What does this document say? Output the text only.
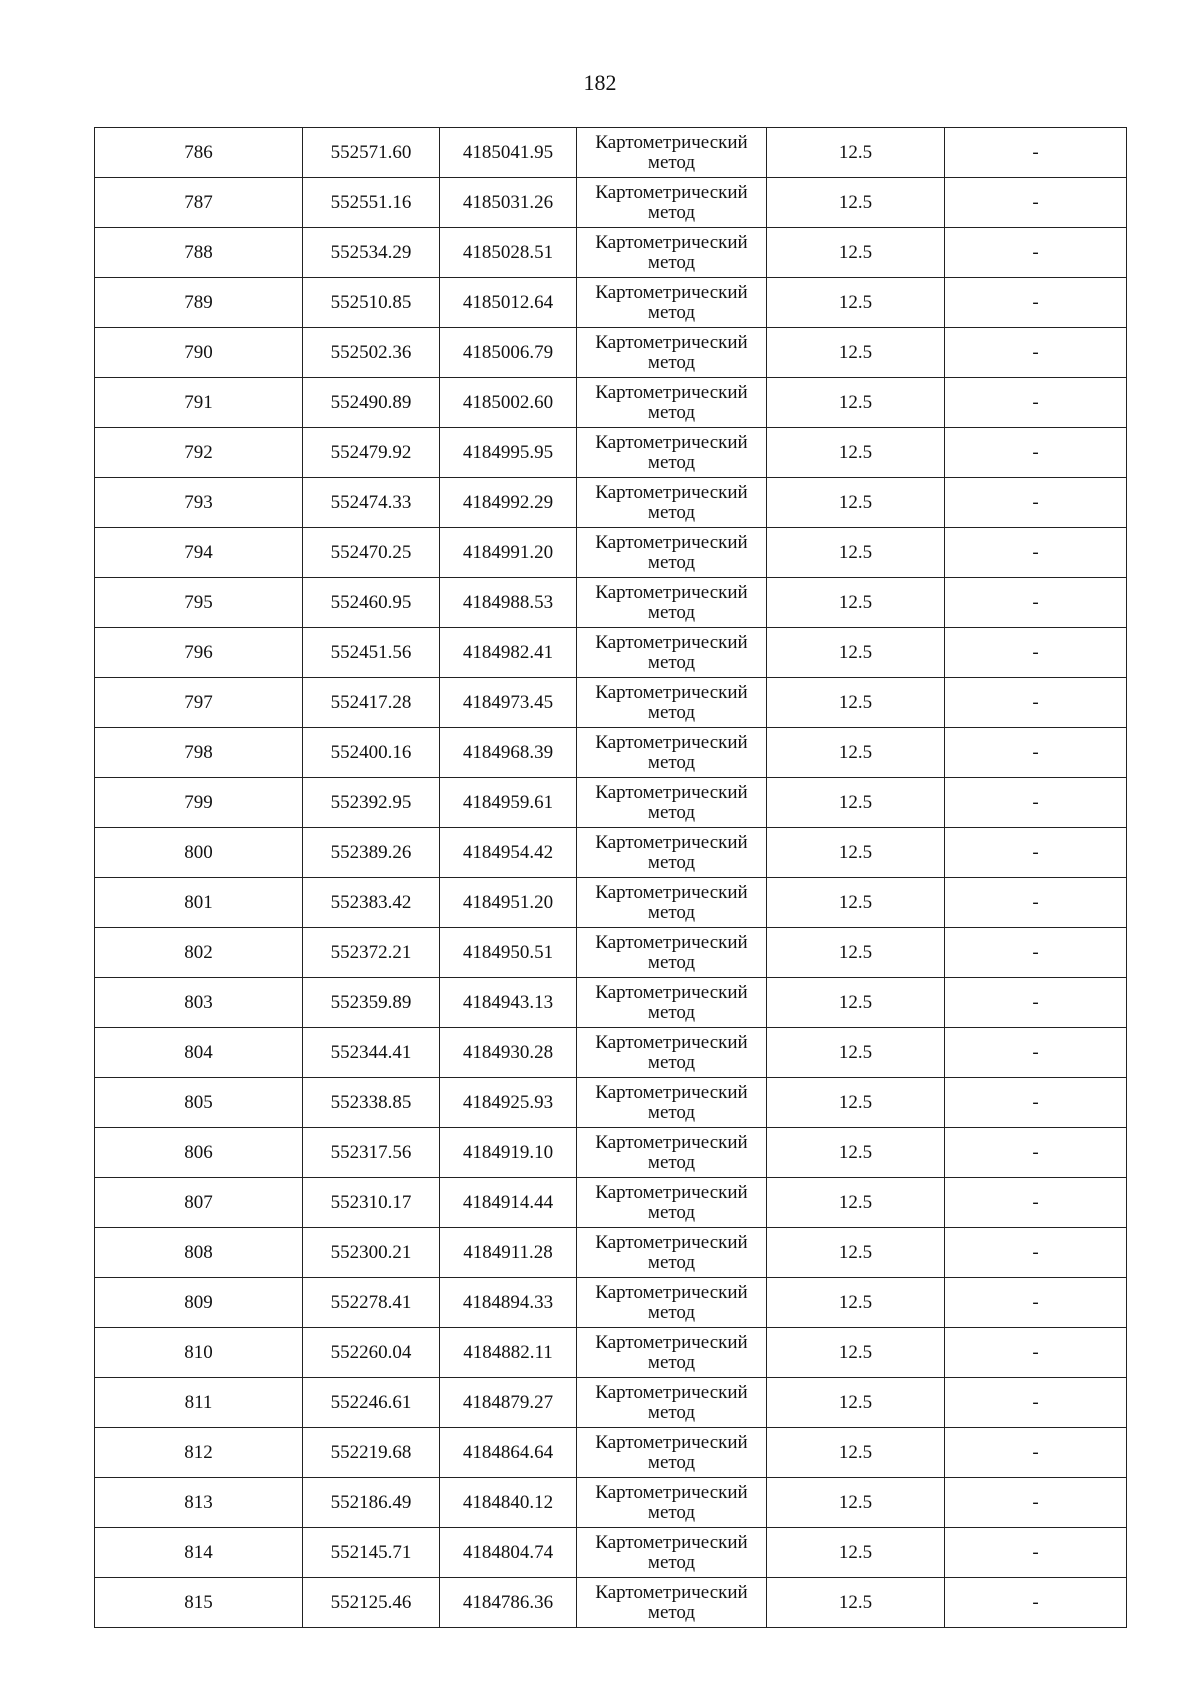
182
786	552571.60	4185041.95	Картометрический
метод	12.5	-
787	552551.16	4185031.26	Картометрический
метод	12.5	-
788	552534.29	4185028.51	Картометрический
метод	12.5	-
789	552510.85	4185012.64	Картометрический
метод	12.5	-
790	552502.36	4185006.79	Картометрический
метод	12.5	-
791	552490.89	4185002.60	Картометрический
метод	12.5	-
792	552479.92	4184995.95	Картометрический
метод	12.5	-
793	552474.33	4184992.29	Картометрический
метод	12.5	-
794	552470.25	4184991.20	Картометрический
метод	12.5	-
795	552460.95	4184988.53	Картометрический
метод	12.5	-
796	552451.56	4184982.41	Картометрический
метод	12.5	-
797	552417.28	4184973.45	Картометрический
метод	12.5	-
798	552400.16	4184968.39	Картометрический
метод	12.5	-
799	552392.95	4184959.61	Картометрический
метод	12.5	-
800	552389.26	4184954.42	Картометрический
метод	12.5	-
801	552383.42	4184951.20	Картометрический
метод	12.5	-
802	552372.21	4184950.51	Картометрический
метод	12.5	-
803	552359.89	4184943.13	Картометрический
метод	12.5	-
804	552344.41	4184930.28	Картометрический
метод	12.5	-
805	552338.85	4184925.93	Картометрический
метод	12.5	-
806	552317.56	4184919.10	Картометрический
метод	12.5	-
807	552310.17	4184914.44	Картометрический
метод	12.5	-
808	552300.21	4184911.28	Картометрический
метод	12.5	-
809	552278.41	4184894.33	Картометрический
метод	12.5	-
810	552260.04	4184882.11	Картометрический
метод	12.5	-
811	552246.61	4184879.27	Картометрический
метод	12.5	-
812	552219.68	4184864.64	Картометрический
метод	12.5	-
813	552186.49	4184840.12	Картометрический
метод	12.5	-
814	552145.71	4184804.74	Картометрический
метод	12.5	-
815	552125.46	4184786.36	Картометрический
метод	12.5	-
